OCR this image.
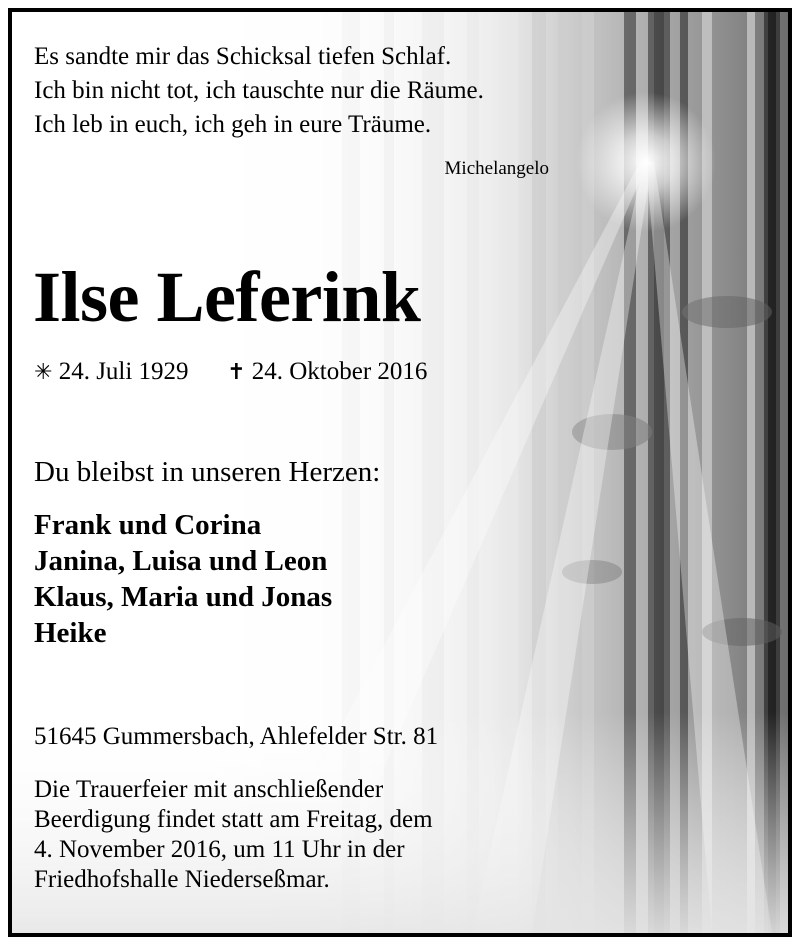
Es sandte mir das Schicksal tiefen Schlaf.
Ich bin nicht tot, ich tauschte nur die Räume.
Ich leb in euch, ich geh in eure Träume.

Michelangelo

Ilse Leferink

✳ 24. Juli 1929 ✝ 24. Oktober 2016

Du bleibst in unseren Herzen:

Frank und Corina
Janina, Luisa und Leon
Klaus, Maria und Jonas
Heike

51645 Gummersbach, Ahlefelder Str. 81

Die Trauerfeier mit anschließender
Beerdigung findet statt am Freitag, dem
4. November 2016, um 11 Uhr in der
Friedhofshalle Niederseßmar.
